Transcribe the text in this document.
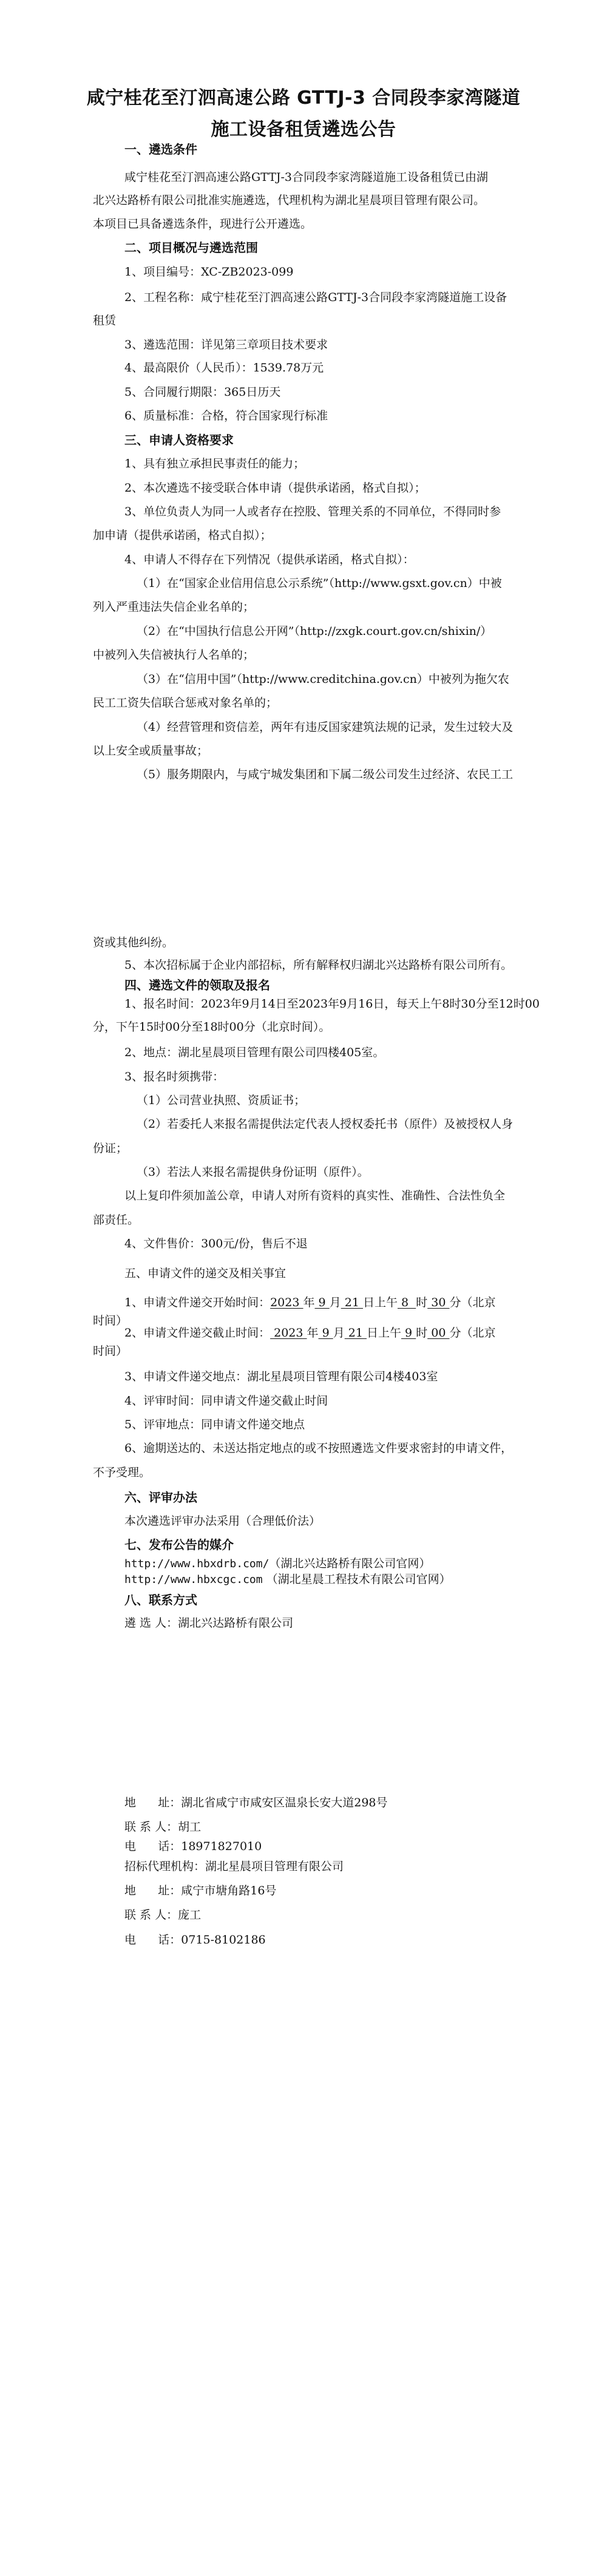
咸宁桂花至汀泗高速公路 GTTJ-3 合同段李家湾隧道
施工设备租赁遴选公告
一、遴选条件
咸宁桂花至汀泗高速公路GTTJ-3合同段李家湾隧道施工设备租赁已由湖
北兴达路桥有限公司批准实施遴选，代理机构为湖北星晨项目管理有限公司。
本项目已具备遴选条件，现进行公开遴选。
二、项目概况与遴选范围
1、项目编号：XC-ZB2023-099
2、工程名称：咸宁桂花至汀泗高速公路GTTJ-3合同段李家湾隧道施工设备
租赁
3、遴选范围：详见第三章项目技术要求
4、最高限价（人民币）：1539.78万元
5、合同履行期限：365日历天
6、质量标准：合格，符合国家现行标准
三、申请人资格要求
1、具有独立承担民事责任的能力；
2、本次遴选不接受联合体申请（提供承诺函，格式自拟）；
3、单位负责人为同一人或者存在控股、管理关系的不同单位，不得同时参
加申请（提供承诺函，格式自拟）；
4、申请人不得存在下列情况（提供承诺函，格式自拟）：
（1）在“国家企业信用信息公示系统”（http://www.gsxt.gov.cn）中被
列入严重违法失信企业名单的；
（2）在“中国执行信息公开网”（http://zxgk.court.gov.cn/shixin/）
中被列入失信被执行人名单的；
（3）在“信用中国”（http://www.creditchina.gov.cn）中被列为拖欠农
民工工资失信联合惩戒对象名单的；
（4）经营管理和资信差，两年有违反国家建筑法规的记录，发生过较大及
以上安全或质量事故；
（5）服务期限内，与咸宁城发集团和下属二级公司发生过经济、农民工工
资或其他纠纷。
5、本次招标属于企业内部招标，所有解释权归湖北兴达路桥有限公司所有。
四、遴选文件的领取及报名
1、报名时间：2023年9月14日至2023年9月16日，每天上午8时30分至12时00
分，下午15时00分至18时00分（北京时间）。
2、地点：湖北星晨项目管理有限公司四楼405室。
3、报名时须携带：
（1）公司营业执照、资质证书；
（2）若委托人来报名需提供法定代表人授权委托书（原件）及被授权人身
份证；
（3）若法人来报名需提供身份证明（原件）。
以上复印件须加盖公章，申请人对所有资料的真实性、准确性、合法性负全
部责任。
4、文件售价：300元/份，售后不退
五、申请文件的递交及相关事宜
1、申请文件递交开始时间：2023 年 9 月 21 日上午 8  时 30 分（北京
时间）
2、申请文件递交截止时间： 2023 年 9 月 21 日上午 9 时 00 分（北京
时间）
3、申请文件递交地点：湖北星晨项目管理有限公司4楼403室
4、评审时间：同申请文件递交截止时间
5、评审地点：同申请文件递交地点
6、逾期送达的、未送达指定地点的或不按照遴选文件要求密封的申请文件，
不予受理。
六、评审办法
本次遴选评审办法采用（合理低价法）
七、发布公告的媒介
http://www.hbxdrb.com/（湖北兴达路桥有限公司官网）
http://www.hbxcgc.com （湖北星晨工程技术有限公司官网）
八、联系方式
遴 选 人：湖北兴达路桥有限公司
地      址：湖北省咸宁市咸安区温泉长安大道298号
联 系 人：胡工
电      话：18971827010
招标代理机构：湖北星晨项目管理有限公司
地      址：咸宁市塘角路16号
联 系 人：庞工
电      话：0715-8102186
